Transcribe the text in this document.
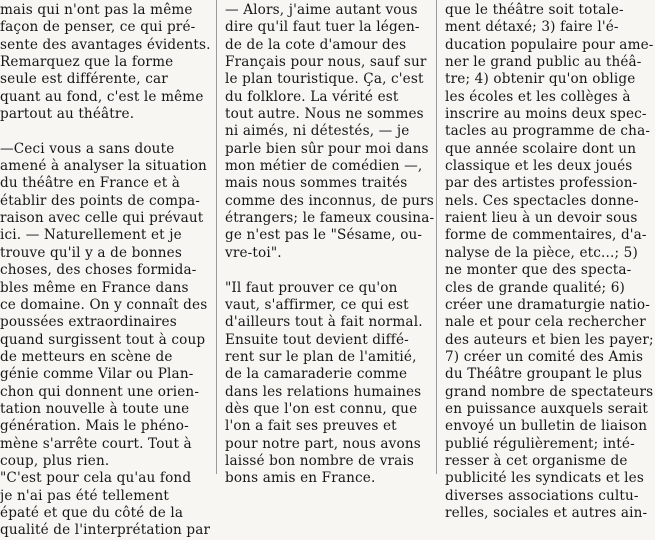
mais qui n'ont pas la même
façon de penser, ce qui pré-
sente des avantages évidents.
Remarquez que la forme
seule est différente, car
quant au fond, c'est le même
partout au théâtre.
—Ceci vous a sans doute
amené à analyser la situation
du théâtre en France et à
établir des points de compa-
raison avec celle qui prévaut
ici. — Naturellement et je
trouve qu'il y a de bonnes
choses, des choses formida-
bles même en France dans
ce domaine. On y connaît des
poussées extraordinaires
quand surgissent tout à coup
de metteurs en scène de
génie comme Vilar ou Plan-
chon qui donnent une orien-
tation nouvelle à toute une
génération. Mais le phéno-
mène s'arrête court. Tout à
coup, plus rien.
"C'est pour cela qu'au fond
je n'ai pas été tellement
épaté et que du côté de la
qualité de l'interprétation par
— Alors, j'aime autant vous
dire qu'il faut tuer la légen-
de de la cote d'amour des
Français pour nous, sauf sur
le plan touristique. Ça, c'est
du folklore. La vérité est
tout autre. Nous ne sommes
ni aimés, ni détestés, — je
parle bien sûr pour moi dans
mon métier de comédien —,
mais nous sommes traités
comme des inconnus, de purs
étrangers; le fameux cousina-
ge n'est pas le "Sésame, ou-
vre-toi".
"Il faut prouver ce qu'on
vaut, s'affirmer, ce qui est
d'ailleurs tout à fait normal.
Ensuite tout devient diffé-
rent sur le plan de l'amitié,
de la camaraderie comme
dans les relations humaines
dès que l'on est connu, que
l'on a fait ses preuves et
pour notre part, nous avons
laissé bon nombre de vrais
bons amis en France.
que le théâtre soit totale-
ment détaxé; 3) faire l'é-
ducation populaire pour ame-
ner le grand public au théâ-
tre; 4) obtenir qu'on oblige
les écoles et les collèges à
inscrire au moins deux spec-
tacles au programme de cha-
que année scolaire dont un
classique et les deux joués
par des artistes profession-
nels. Ces spectacles donne-
raient lieu à un devoir sous
forme de commentaires, d'a-
nalyse de la pièce, etc...; 5)
ne monter que des specta-
cles de grande qualité; 6)
créer une dramaturgie natio-
nale et pour cela rechercher
des auteurs et bien les payer;
7) créer un comité des Amis
du Théâtre groupant le plus
grand nombre de spectateurs
en puissance auxquels serait
envoyé un bulletin de liaison
publié régulièrement; inté-
resser à cet organisme de
publicité les syndicats et les
diverses associations cultu-
relles, sociales et autres ain-
